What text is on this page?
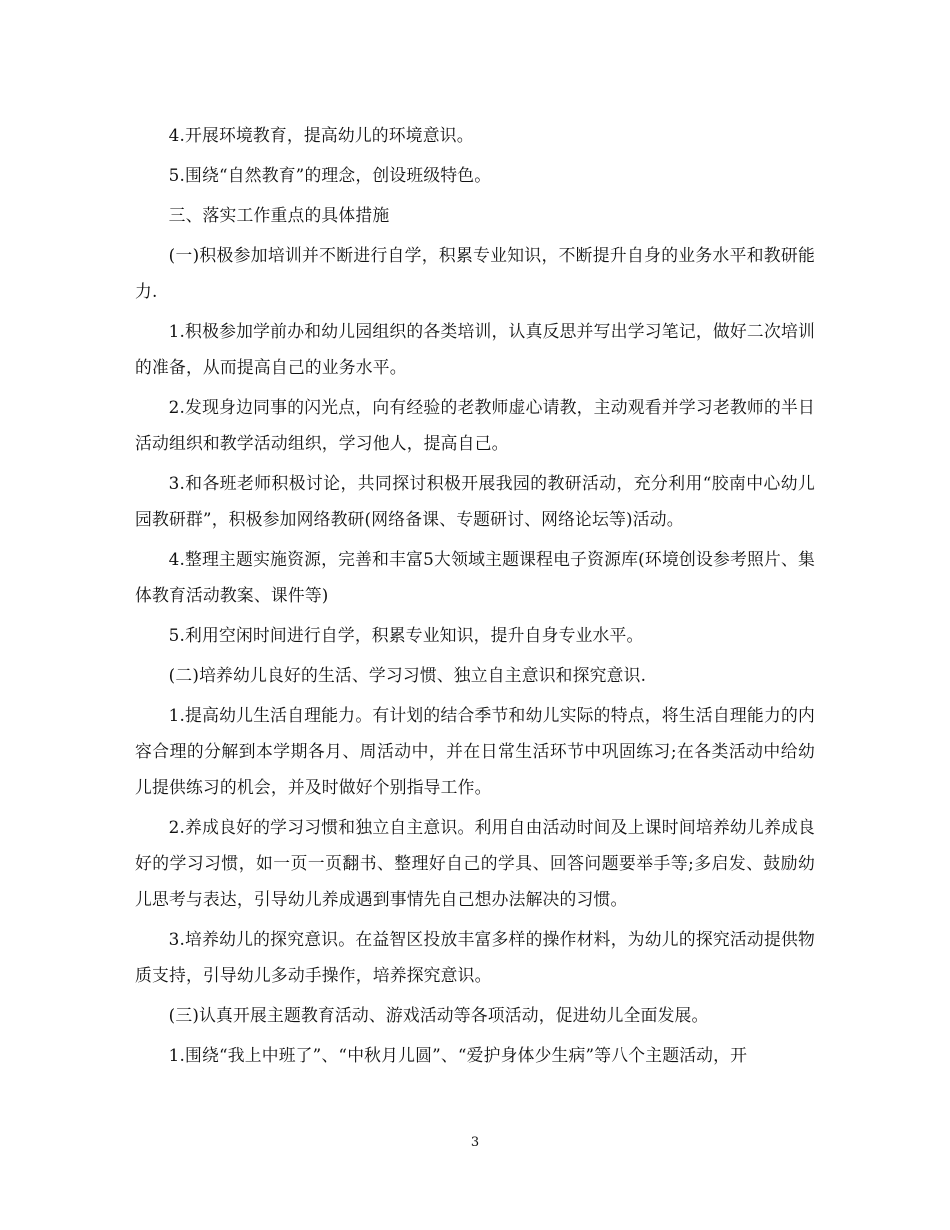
4.开展环境教育，提高幼儿的环境意识。

5.围绕“自然教育”的理念，创设班级特色。

三、落实工作重点的具体措施

(一)积极参加培训并不断进行自学，积累专业知识，不断提升自身的业务水平和教研能力.

1.积极参加学前办和幼儿园组织的各类培训，认真反思并写出学习笔记，做好二次培训的准备，从而提高自己的业务水平。

2.发现身边同事的闪光点，向有经验的老教师虚心请教，主动观看并学习老教师的半日活动组织和教学活动组织，学习他人，提高自己。

3.和各班老师积极讨论，共同探讨积极开展我园的教研活动，充分利用“胶南中心幼儿园教研群”，积极参加网络教研(网络备课、专题研讨、网络论坛等)活动。

4.整理主题实施资源，完善和丰富5大领域主题课程电子资源库(环境创设参考照片、集体教育活动教案、课件等)

5.利用空闲时间进行自学，积累专业知识，提升自身专业水平。

(二)培养幼儿良好的生活、学习习惯、独立自主意识和探究意识.

1.提高幼儿生活自理能力。有计划的结合季节和幼儿实际的特点，将生活自理能力的内容合理的分解到本学期各月、周活动中，并在日常生活环节中巩固练习;在各类活动中给幼儿提供练习的机会，并及时做好个别指导工作。

2.养成良好的学习习惯和独立自主意识。利用自由活动时间及上课时间培养幼儿养成良好的学习习惯，如一页一页翻书、整理好自己的学具、回答问题要举手等;多启发、鼓励幼儿思考与表达，引导幼儿养成遇到事情先自己想办法解决的习惯。

3.培养幼儿的探究意识。在益智区投放丰富多样的操作材料，为幼儿的探究活动提供物质支持，引导幼儿多动手操作，培养探究意识。

(三)认真开展主题教育活动、游戏活动等各项活动，促进幼儿全面发展。

1.围绕“我上中班了”、“中秋月儿圆”、“爱护身体少生病”等八个主题活动，开

3
